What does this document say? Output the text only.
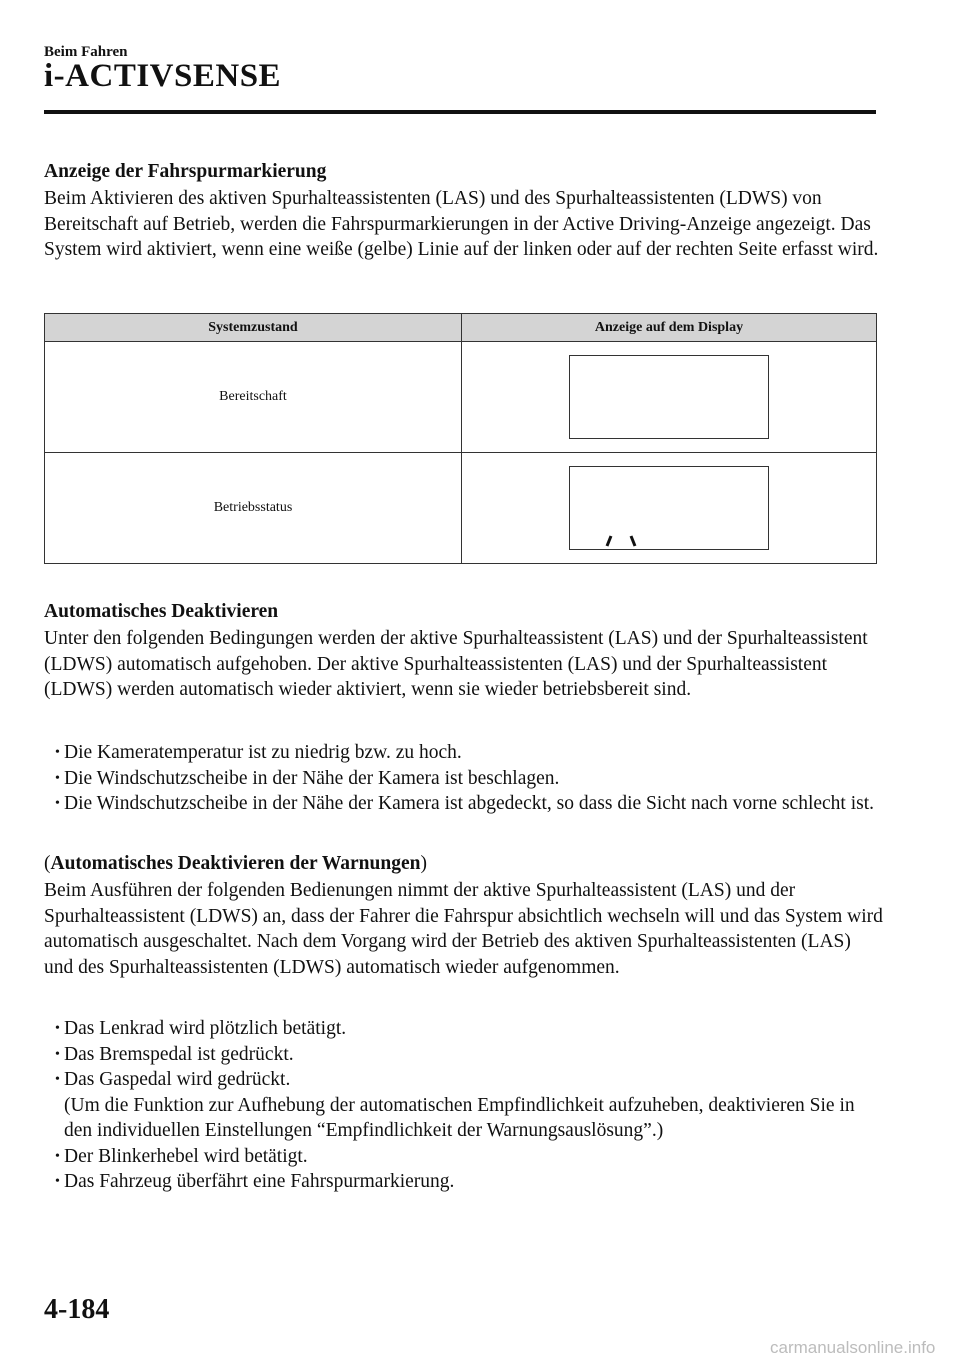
Beim Fahren
i-ACTIVSENSE
Anzeige der Fahrspurmarkierung
Beim Aktivieren des aktiven Spurhalteassistenten (LAS) und des Spurhalteassistenten (LDWS) von Bereitschaft auf Betrieb, werden die Fahrspurmarkierungen in der Active Driving-Anzeige angezeigt. Das System wird aktiviert, wenn eine weiße (gelbe) Linie auf der linken oder auf der rechten Seite erfasst wird.
Systemzustand	Anzeige auf dem Display
Bereitschaft	

Betriebsstatus	
Automatisches Deaktivieren
Unter den folgenden Bedingungen werden der aktive Spurhalteassistent (LAS) und der Spurhalteassistent (LDWS) automatisch aufgehoben. Der aktive Spurhalteassistenten (LAS) und der Spurhalteassistent (LDWS) werden automatisch wieder aktiviert, wenn sie wieder betriebsbereit sind.
• Die Kameratemperatur ist zu niedrig bzw. zu hoch.
• Die Windschutzscheibe in der Nähe der Kamera ist beschlagen.
• Die Windschutzscheibe in der Nähe der Kamera ist abgedeckt, so dass die Sicht nach vorne schlecht ist.
(Automatisches Deaktivieren der Warnungen)
Beim Ausführen der folgenden Bedienungen nimmt der aktive Spurhalteassistent (LAS) und der Spurhalteassistent (LDWS) an, dass der Fahrer die Fahrspur absichtlich wechseln will und das System wird automatisch ausgeschaltet. Nach dem Vorgang wird der Betrieb des aktiven Spurhalteassistenten (LAS) und des Spurhalteassistenten (LDWS) automatisch wieder aufgenommen.
• Das Lenkrad wird plötzlich betätigt.
• Das Bremspedal ist gedrückt.
• Das Gaspedal wird gedrückt.
(Um die Funktion zur Aufhebung der automatischen Empfindlichkeit aufzuheben, deaktivieren Sie in den individuellen Einstellungen “Empfindlichkeit der Warnungsauslösung”.)
• Der Blinkerhebel wird betätigt.
• Das Fahrzeug überfährt eine Fahrspurmarkierung.
4-184
carmanualsonline.info
